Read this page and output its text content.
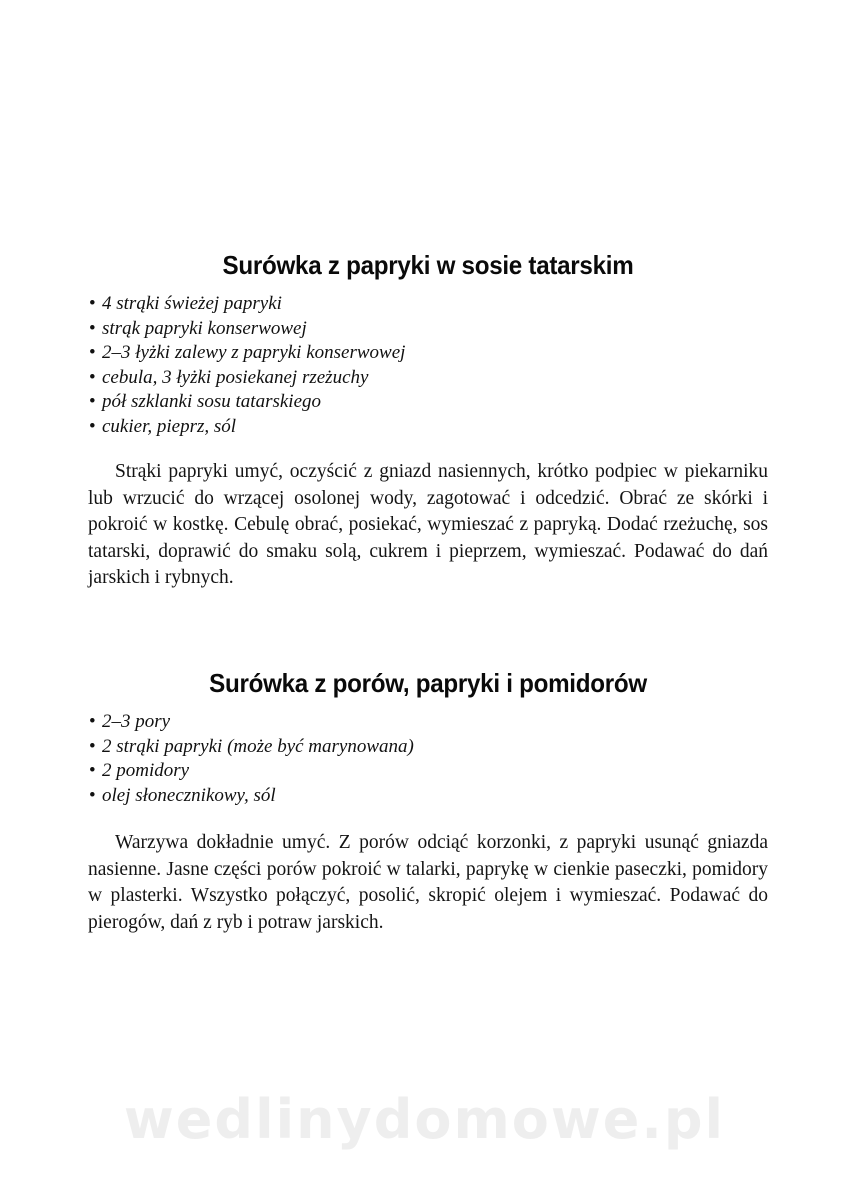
Surówka z papryki w sosie tatarskim
• 4 strąki świeżej papryki
• strąk papryki konserwowej
• 2–3 łyżki zalewy z papryki konserwowej
• cebula, 3 łyżki posiekanej rzeżuchy
• pół szklanki sosu tatarskiego
• cukier, pieprz, sól

Strąki papryki umyć, oczyścić z gniazd nasiennych, krótko podpiec w piekarniku lub wrzucić do wrzącej osolonej wody, zagotować i odcedzić. Obrać ze skórki i pokroić w kostkę. Cebulę obrać, posiekać, wymieszać z papryką. Dodać rzeżuchę, sos tatarski, doprawić do smaku solą, cukrem i pieprzem, wymieszać. Podawać do dań jarskich i rybnych.

Surówka z porów, papryki i pomidorów
• 2–3 pory
• 2 strąki papryki (może być marynowana)
• 2 pomidory
• olej słonecznikowy, sól

Warzywa dokładnie umyć. Z porów odciąć korzonki, z papryki usunąć gniazda nasienne. Jasne części porów pokroić w talarki, paprykę w cienkie paseczki, pomidory w plasterki. Wszystko połączyć, posolić, skropić olejem i wymieszać. Podawać do pierogów, dań z ryb i potraw jarskich.

wedlinydomowe.pl
